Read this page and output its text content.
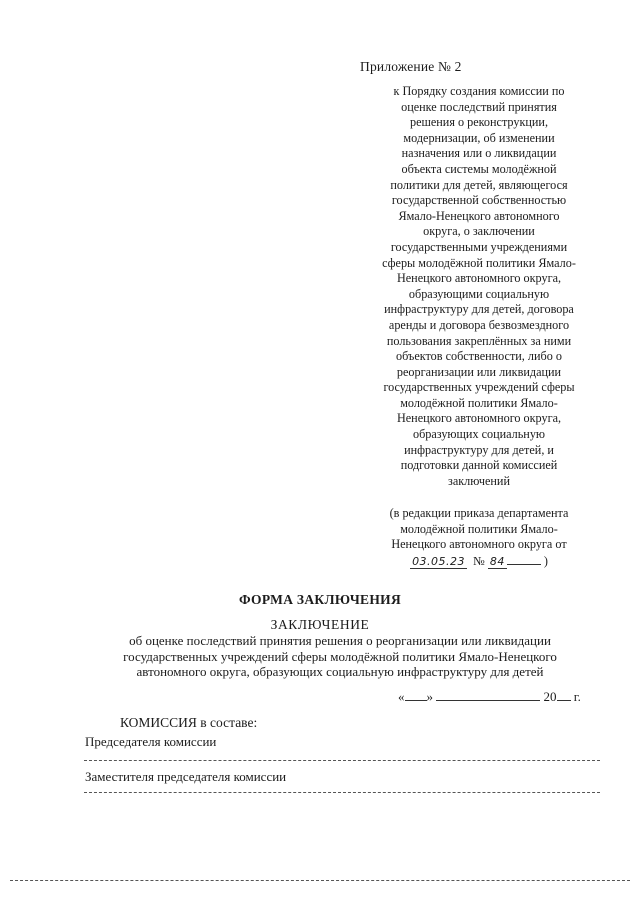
Приложение № 2
к Порядку создания комиссии по
оценке последствий принятия
решения о реконструкции,
модернизации, об изменении
назначения или о ликвидации
объекта системы молодёжной
политики для детей, являющегося
государственной собственностью
Ямало-Ненецкого автономного
округа, о заключении
государственными учреждениями
сферы молодёжной политики Ямало-
Ненецкого автономного округа,
образующими социальную
инфраструктуру для детей, договора
аренды и договора безвозмездного
пользования закреплённых за ними
объектов собственности, либо о
реорганизации или ликвидации
государственных учреждений сферы
молодёжной политики Ямало-
Ненецкого автономного округа,
образующих социальную
инфраструктуру для детей, и
подготовки данной комиссией
заключений
(в редакции приказа департамента
молодёжной политики Ямало-
Ненецкого автономного округа от
03.05.23 № 84	)
ФОРМА ЗАКЛЮЧЕНИЯ
ЗАКЛЮЧЕНИЕ
об оценке последствий принятия решения о реорганизации или ликвидации
государственных учреждений сферы молодёжной политики Ямало-Ненецкого
автономного округа, образующих социальную инфраструктуру для детей
« »	20 г.
КОМИССИЯ в составе:
Председателя комиссии
Заместителя председателя комиссии
